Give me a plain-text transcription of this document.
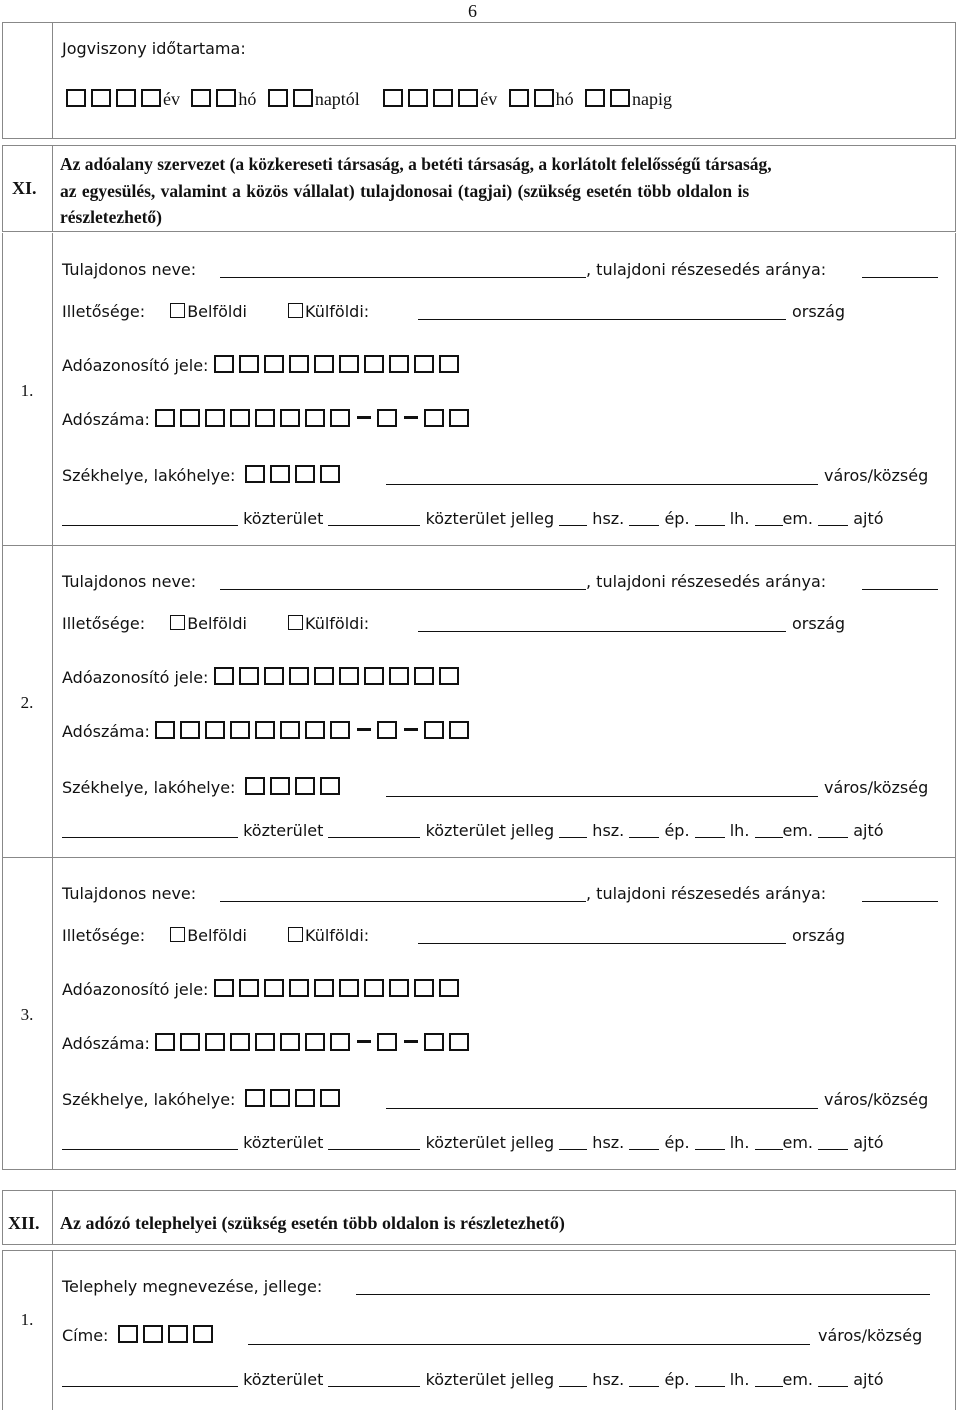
6
Jogviszony időtartama:
év	hó	naptól	év	hó	napig
XI.
Az adóalany szervezet (a közkereseti társaság, a betéti társaság, a korlátolt felelősségű társaság,
az egyesülés, valamint a közös vállalat) tulajdonosai (tagjai) (szükség esetén több oldalon is
részletezhető)
1.
Tulajdonos neve:	, tulajdoni részesedés aránya:
Illetősége:	Belföldi	Külföldi:	ország
Adóazonosító jele:
Adószáma:
Székhelye, lakóhelye:	város/község
közterület	közterület jelleg hsz.	ép.	lh. em.	ajtó
2.
Tulajdonos neve:	, tulajdoni részesedés aránya:
Illetősége:	Belföldi	Külföldi:	ország
Adóazonosító jele:
Adószáma:
Székhelye, lakóhelye:	város/község
közterület	közterület jelleg hsz.	ép.	lh. em.	ajtó
3.
Tulajdonos neve:	, tulajdoni részesedés aránya:
Illetősége:	Belföldi	Külföldi:	ország
Adóazonosító jele:
Adószáma:
Székhelye, lakóhelye:	város/község
közterület	közterület jelleg hsz.	ép.	lh. em.	ajtó
XII. Az adózó telephelyei (szükség esetén több oldalon is részletezhető)
1.
Telephely megnevezése, jellege:
Címe:	város/község
közterület	közterület jelleg hsz.	ép.	lh. em.	ajtó
